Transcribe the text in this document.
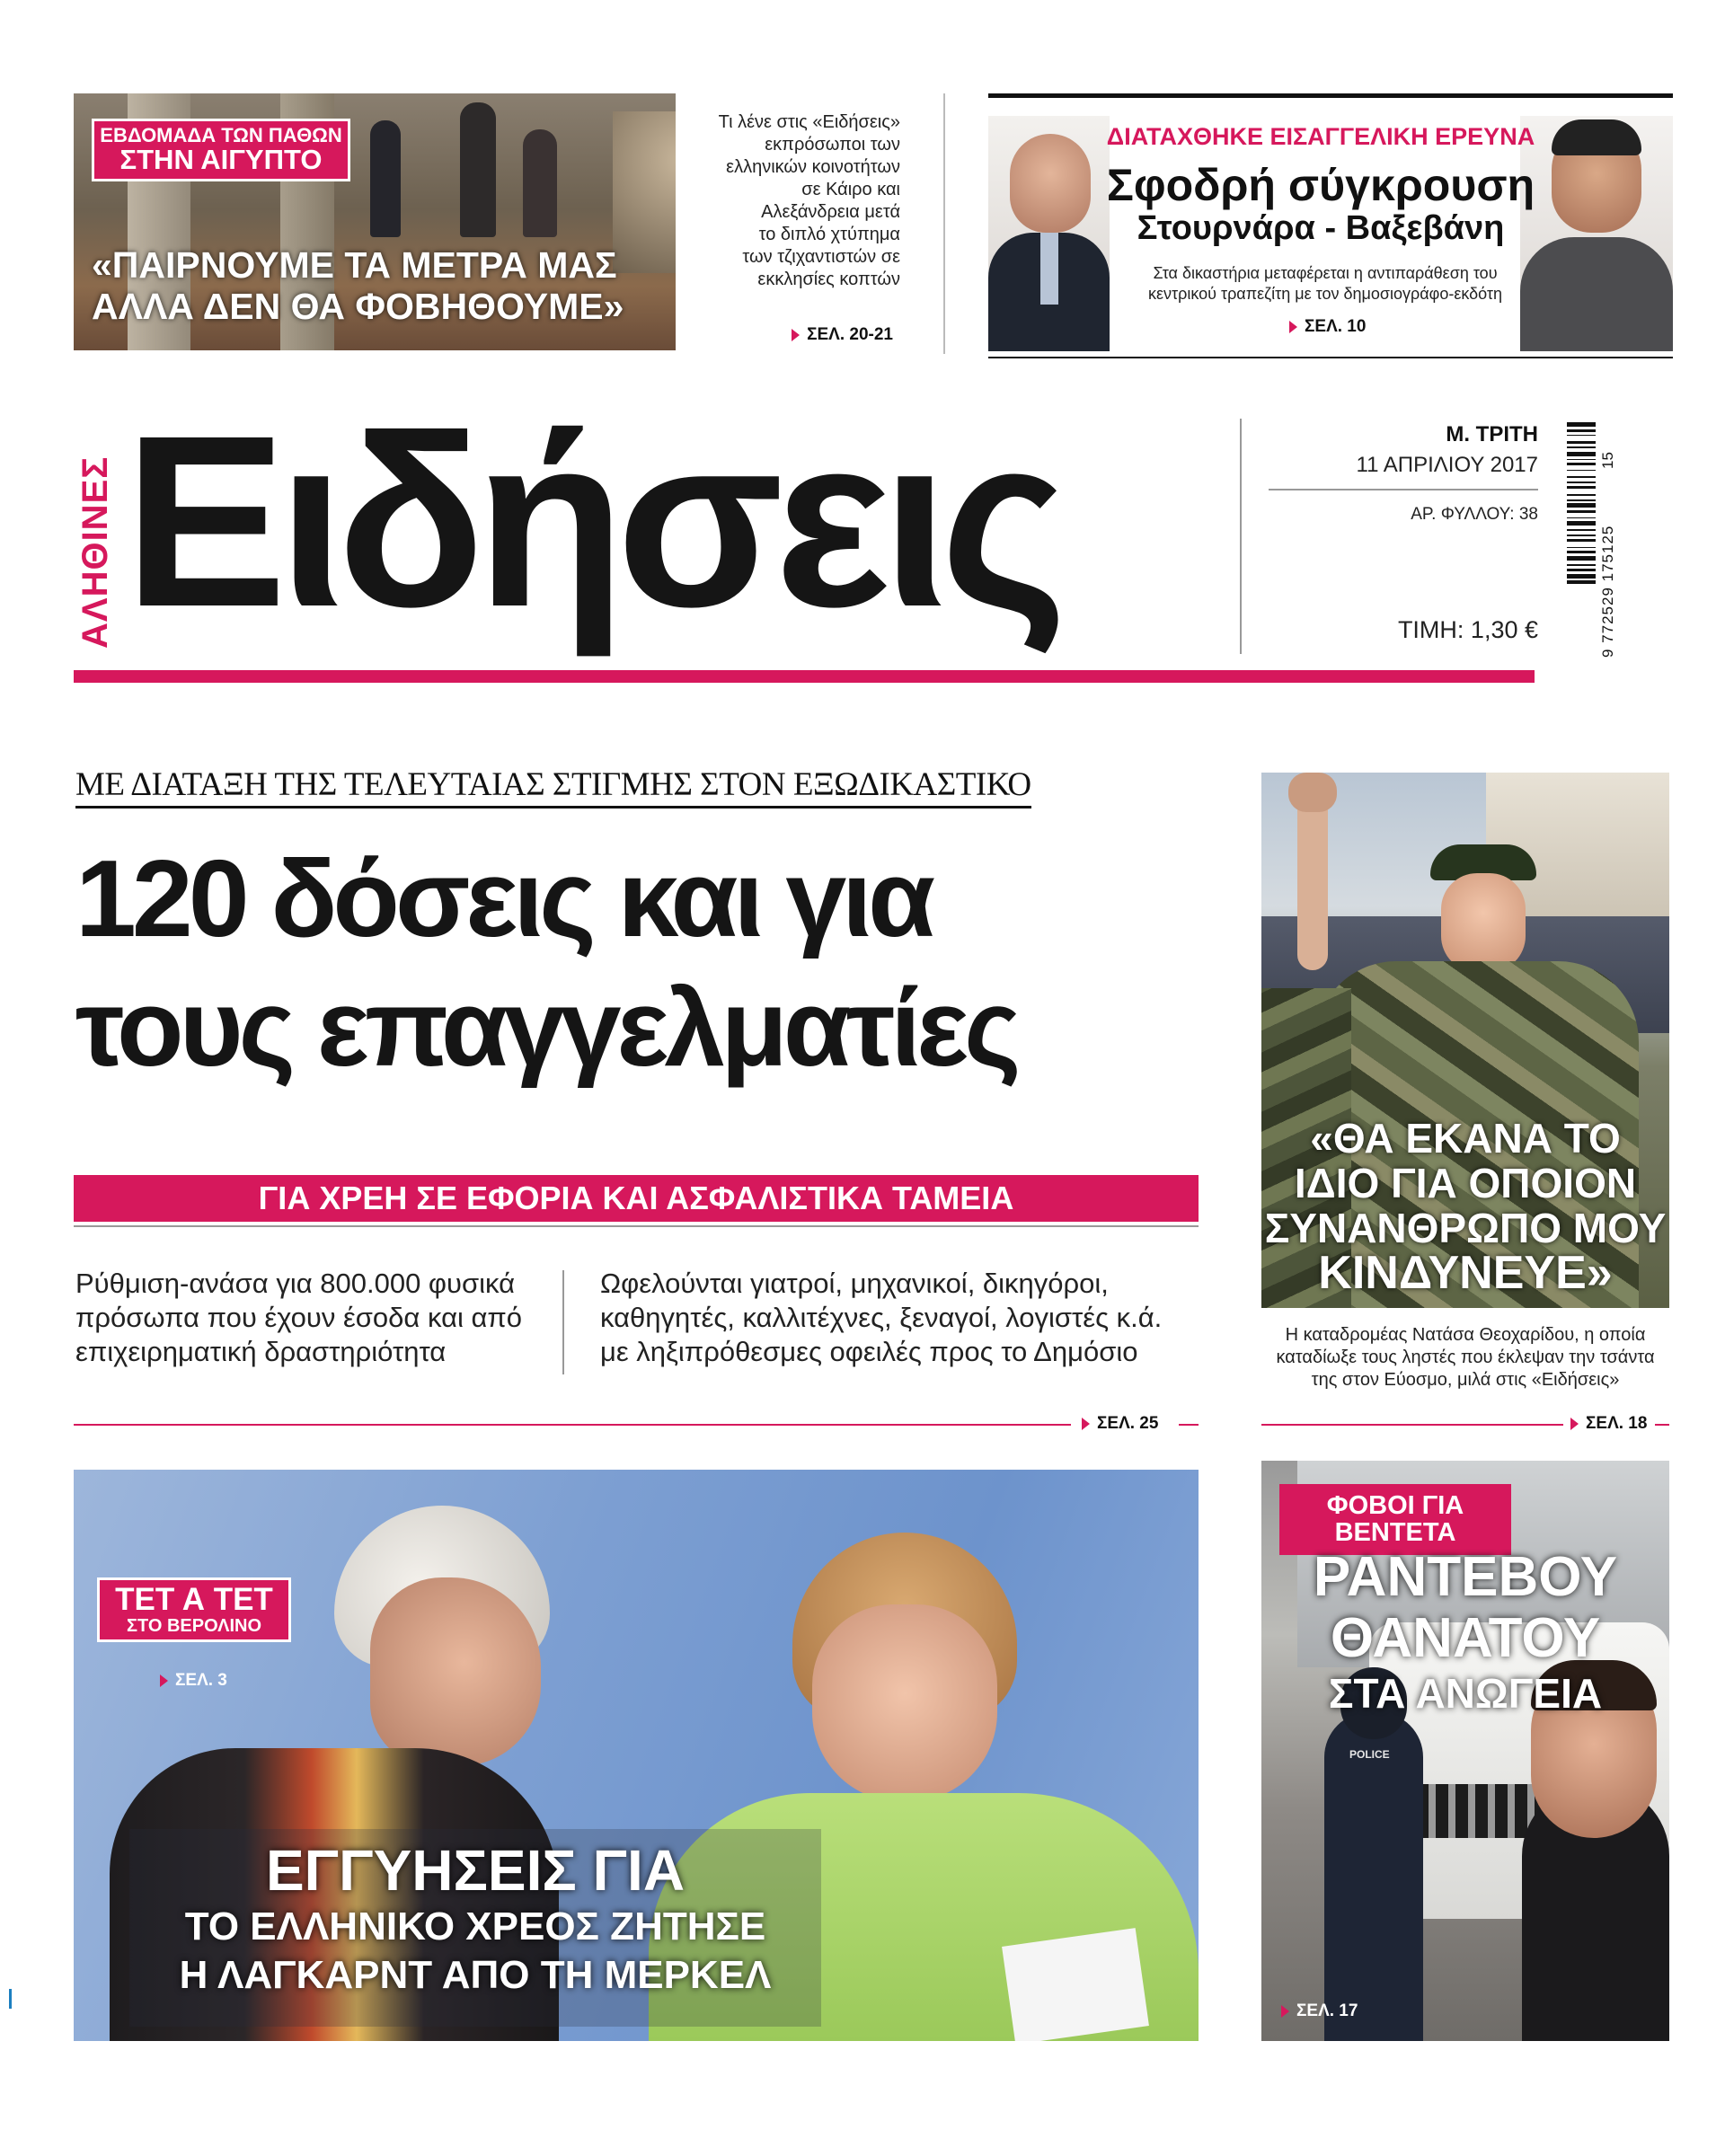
ΕΒΔΟΜΑΔΑ ΤΩΝ ΠΑΘΩΝ
ΣΤΗΝ ΑΙΓΥΠΤΟ
«ΠΑΙΡΝΟΥΜΕ ΤΑ ΜΕΤΡΑ ΜΑΣ
ΑΛΛΑ ΔΕΝ ΘΑ ΦΟΒΗΘΟΥΜΕ»
Τι λένε στις «Ειδήσεις»
εκπρόσωποι των
ελληνικών κοινοτήτων
σε Κάιρο και
Αλεξάνδρεια μετά
το διπλό χτύπημα
των τζιχαντιστών σε
εκκλησίες κοπτών
ΣΕΛ. 20-21
ΔΙΑΤΑΧΘΗΚΕ ΕΙΣΑΓΓΕΛΙΚΗ ΕΡΕΥΝΑ
Σφοδρή σύγκρουση
Στουρνάρα - Βαξεβάνη
Στα δικαστήρια μεταφέρεται η αντιπαράθεση του
κεντρικού τραπεζίτη με τον δημοσιογράφο-εκδότη
ΣΕΛ. 10
ΑΛΗΘΙΝΕΣ Ειδήσεις	Μ. ΤΡΙΤΗ
11 ΑΠΡΙΛΙΟΥ 2017
ΑΡ. ΦΥΛΛΟΥ: 38
ΤΙΜΗ: 1,30 €	9 772529 175125
15
ΜΕ ΔΙΑΤΑΞΗ ΤΗΣ ΤΕΛΕΥΤΑΙΑΣ ΣΤΙΓΜΗΣ ΣΤΟΝ ΕΞΩΔΙΚΑΣΤΙΚΟ
120 δόσεις και για
τους επαγγελματίες
ΓΙΑ ΧΡΕΗ ΣΕ ΕΦΟΡΙΑ ΚΑΙ ΑΣΦΑΛΙΣΤΙΚΑ ΤΑΜΕΙΑ
Ρύθμιση-ανάσα για 800.000 φυσικά
πρόσωπα που έχουν έσοδα και από
επιχειρηματική δραστηριότητα
Ωφελούνται γιατροί, μηχανικοί, δικηγόροι,
καθηγητές, καλλιτέχνες, ξεναγοί, λογιστές κ.ά.
με ληξιπρόθεσμες οφειλές προς το Δημόσιο
ΣΕΛ. 25
«ΘΑ ΕΚΑΝΑ ΤΟ
ΙΔΙΟ ΓΙΑ ΟΠΟΙΟΝ
ΣΥΝΑΝΘΡΩΠΟ ΜΟΥ
ΚΙΝΔΥΝΕΥΕ»
Η καταδρομέας Νατάσα Θεοχαρίδου, η οποία
καταδίωξε τους ληστές που έκλεψαν την τσάντα
της στον Εύοσμο, μιλά στις «Ειδήσεις»
ΣΕΛ. 18
ΤΕΤ Α ΤΕΤ
ΣΤΟ ΒΕΡΟΛΙΝΟ
ΣΕΛ. 3
ΕΓΓΥΗΣΕΙΣ ΓΙΑ
ΤΟ ΕΛΛΗΝΙΚΟ ΧΡΕΟΣ ΖΗΤΗΣΕ
Η ΛΑΓΚΑΡΝΤ ΑΠΟ ΤΗ ΜΕΡΚΕΛ
ΦΟΒΟΙ ΓΙΑ ΒΕΝΤΕΤΑ
ΡΑΝΤΕΒΟΥ
ΘΑΝΑΤΟΥ
ΣΤΑ ΑΝΩΓΕΙΑ
POLICE
ΣΕΛ. 17
